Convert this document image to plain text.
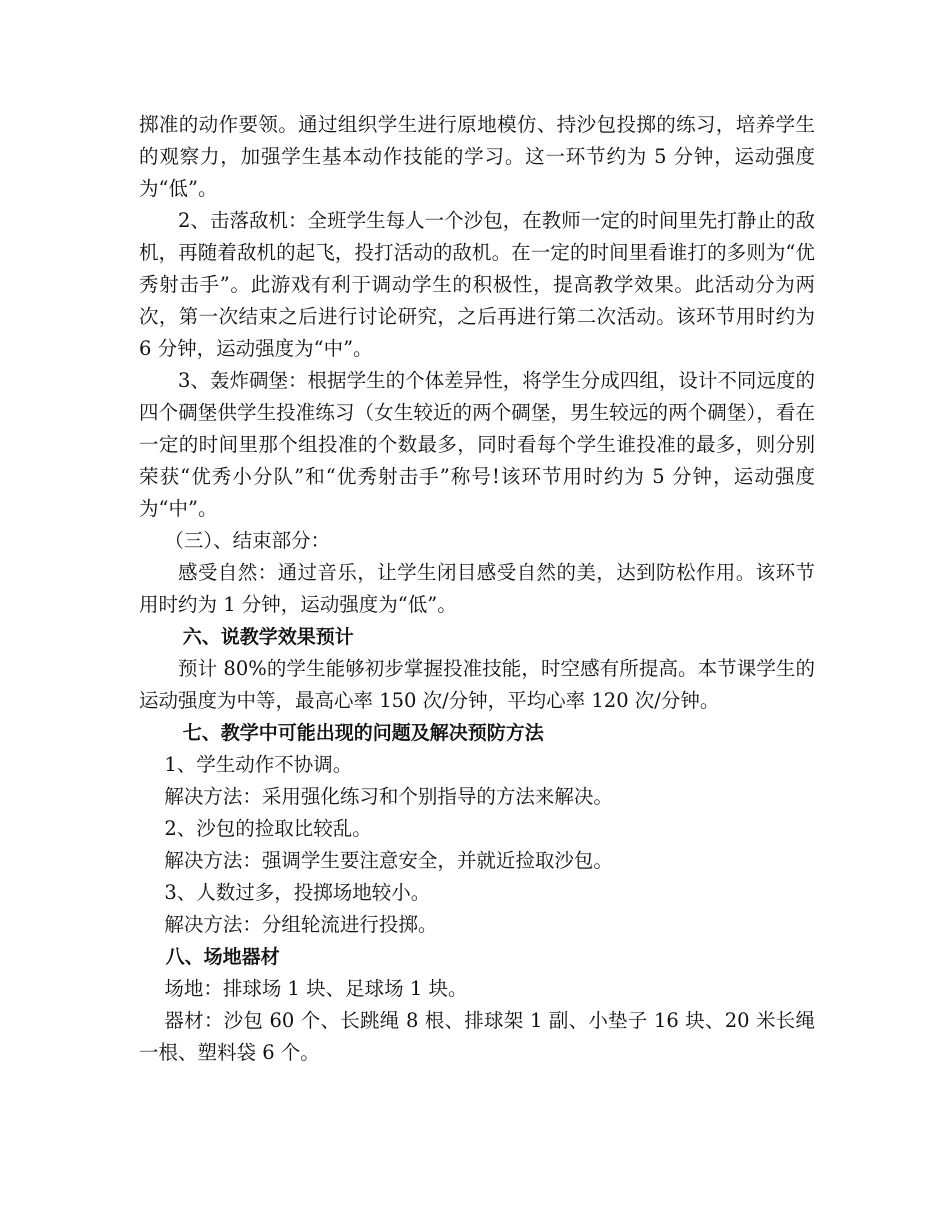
掷准的动作要领。通过组织学生进行原地模仿、持沙包投掷的练习，培养学生的观察力，加强学生基本动作技能的学习。这一环节约为 5 分钟，运动强度为“低”。

2、击落敌机：全班学生每人一个沙包，在教师一定的时间里先打静止的敌机，再随着敌机的起飞，投打活动的敌机。在一定的时间里看谁打的多则为“优秀射击手”。此游戏有利于调动学生的积极性，提高教学效果。此活动分为两次，第一次结束之后进行讨论研究，之后再进行第二次活动。该环节用时约为 6 分钟，运动强度为“中”。

3、轰炸碉堡：根据学生的个体差异性，将学生分成四组，设计不同远度的四个碉堡供学生投准练习（女生较近的两个碉堡，男生较远的两个碉堡），看在一定的时间里那个组投准的个数最多，同时看每个学生谁投准的最多，则分别荣获“优秀小分队”和“优秀射击手”称号!该环节用时约为 5 分钟，运动强度为“中”。

（三）、结束部分：

感受自然：通过音乐，让学生闭目感受自然的美，达到防松作用。该环节用时约为 1 分钟，运动强度为“低”。

六、说教学效果预计

预计 80%的学生能够初步掌握投准技能，时空感有所提高。本节课学生的运动强度为中等，最高心率 150 次/分钟，平均心率 120 次/分钟。

七、教学中可能出现的问题及解决预防方法

1、学生动作不协调。

解决方法：采用强化练习和个别指导的方法来解决。

2、沙包的捡取比较乱。

解决方法：强调学生要注意安全，并就近捡取沙包。

3、人数过多，投掷场地较小。

解决方法：分组轮流进行投掷。

八、场地器材

场地：排球场 1 块、足球场 1 块。

器材：沙包 60 个、长跳绳 8 根、排球架 1 副、小垫子 16 块、20 米长绳一根、塑料袋 6 个。
